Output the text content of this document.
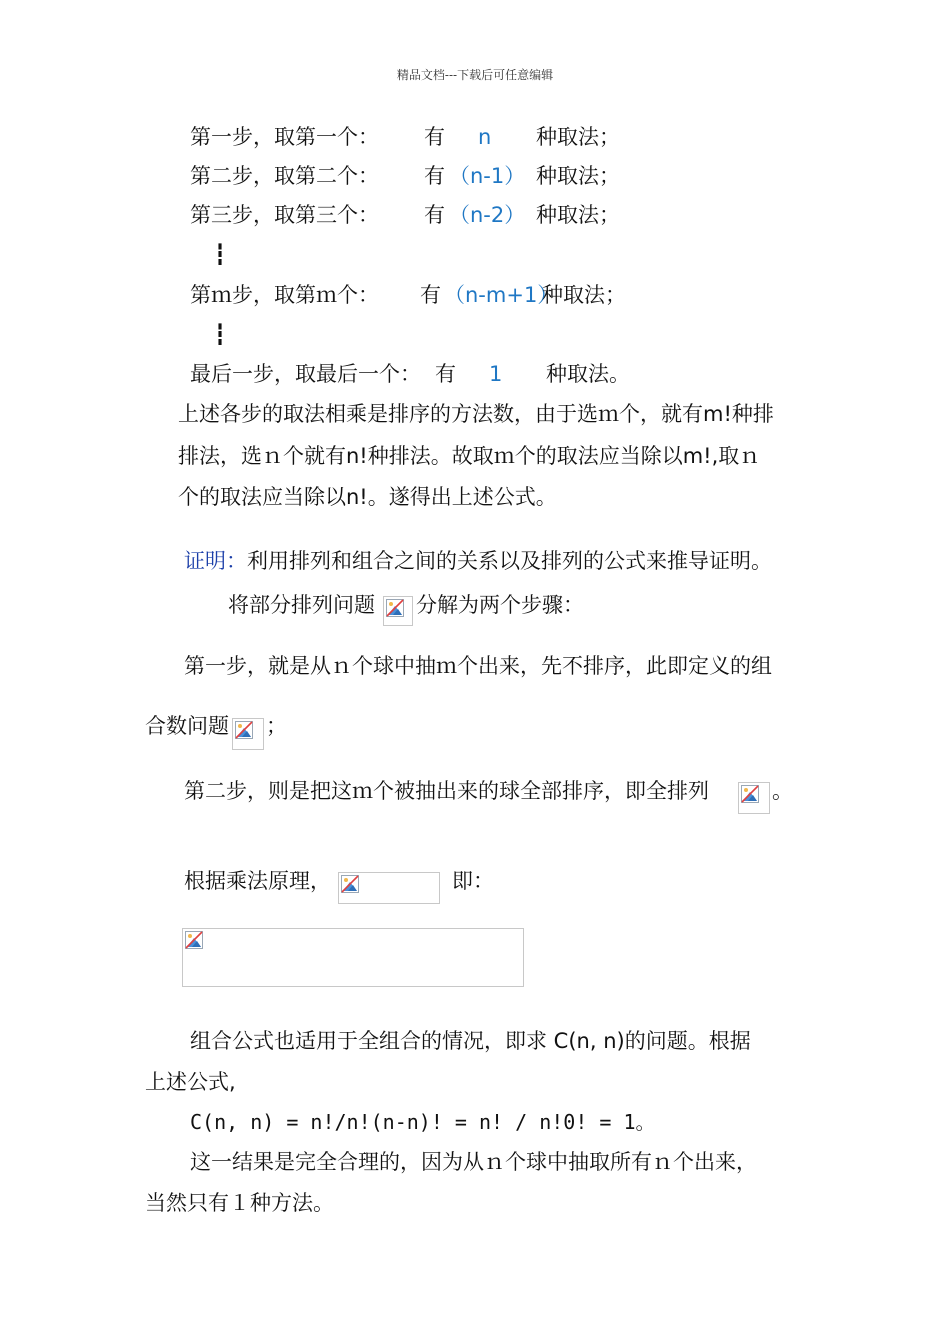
精品文档---下载后可任意编辑
第一步，取第一个： 有 n 种取法；
第二步，取第二个： 有 （n-1） 种取法；
第三步，取第三个： 有 （n-2） 种取法；
┇
第ｍ步，取第ｍ个： 有 （n-m+1）
种取法；
┇
最后一步，取最后一个： 有 1 种取法。
上述各步的取法相乘是排序的方法数，由于选ｍ个，就有m!种排
排法，选ｎ个就有n!种排法。故取ｍ个的取法应当除以m!,取ｎ
个的取法应当除以n!。遂得出上述公式。
证明：利用排列和组合之间的关系以及排列的公式来推导证明。
将部分排列问题 分解为两个步骤：
第一步，就是从ｎ个球中抽ｍ个出来，先不排序，此即定义的组
合数问题 ；
第二步，则是把这ｍ个被抽出来的球全部排序，即全排列	。
根据乘法原理，	即：
组合公式也适用于全组合的情况，即求 C(n, n)的问题。根据
上述公式,
C(n, n) = n!/n!(n-n)! = n! / n!0! = 1。
这一结果是完全合理的，因为从ｎ个球中抽取所有ｎ个出来，
当然只有１种方法。
